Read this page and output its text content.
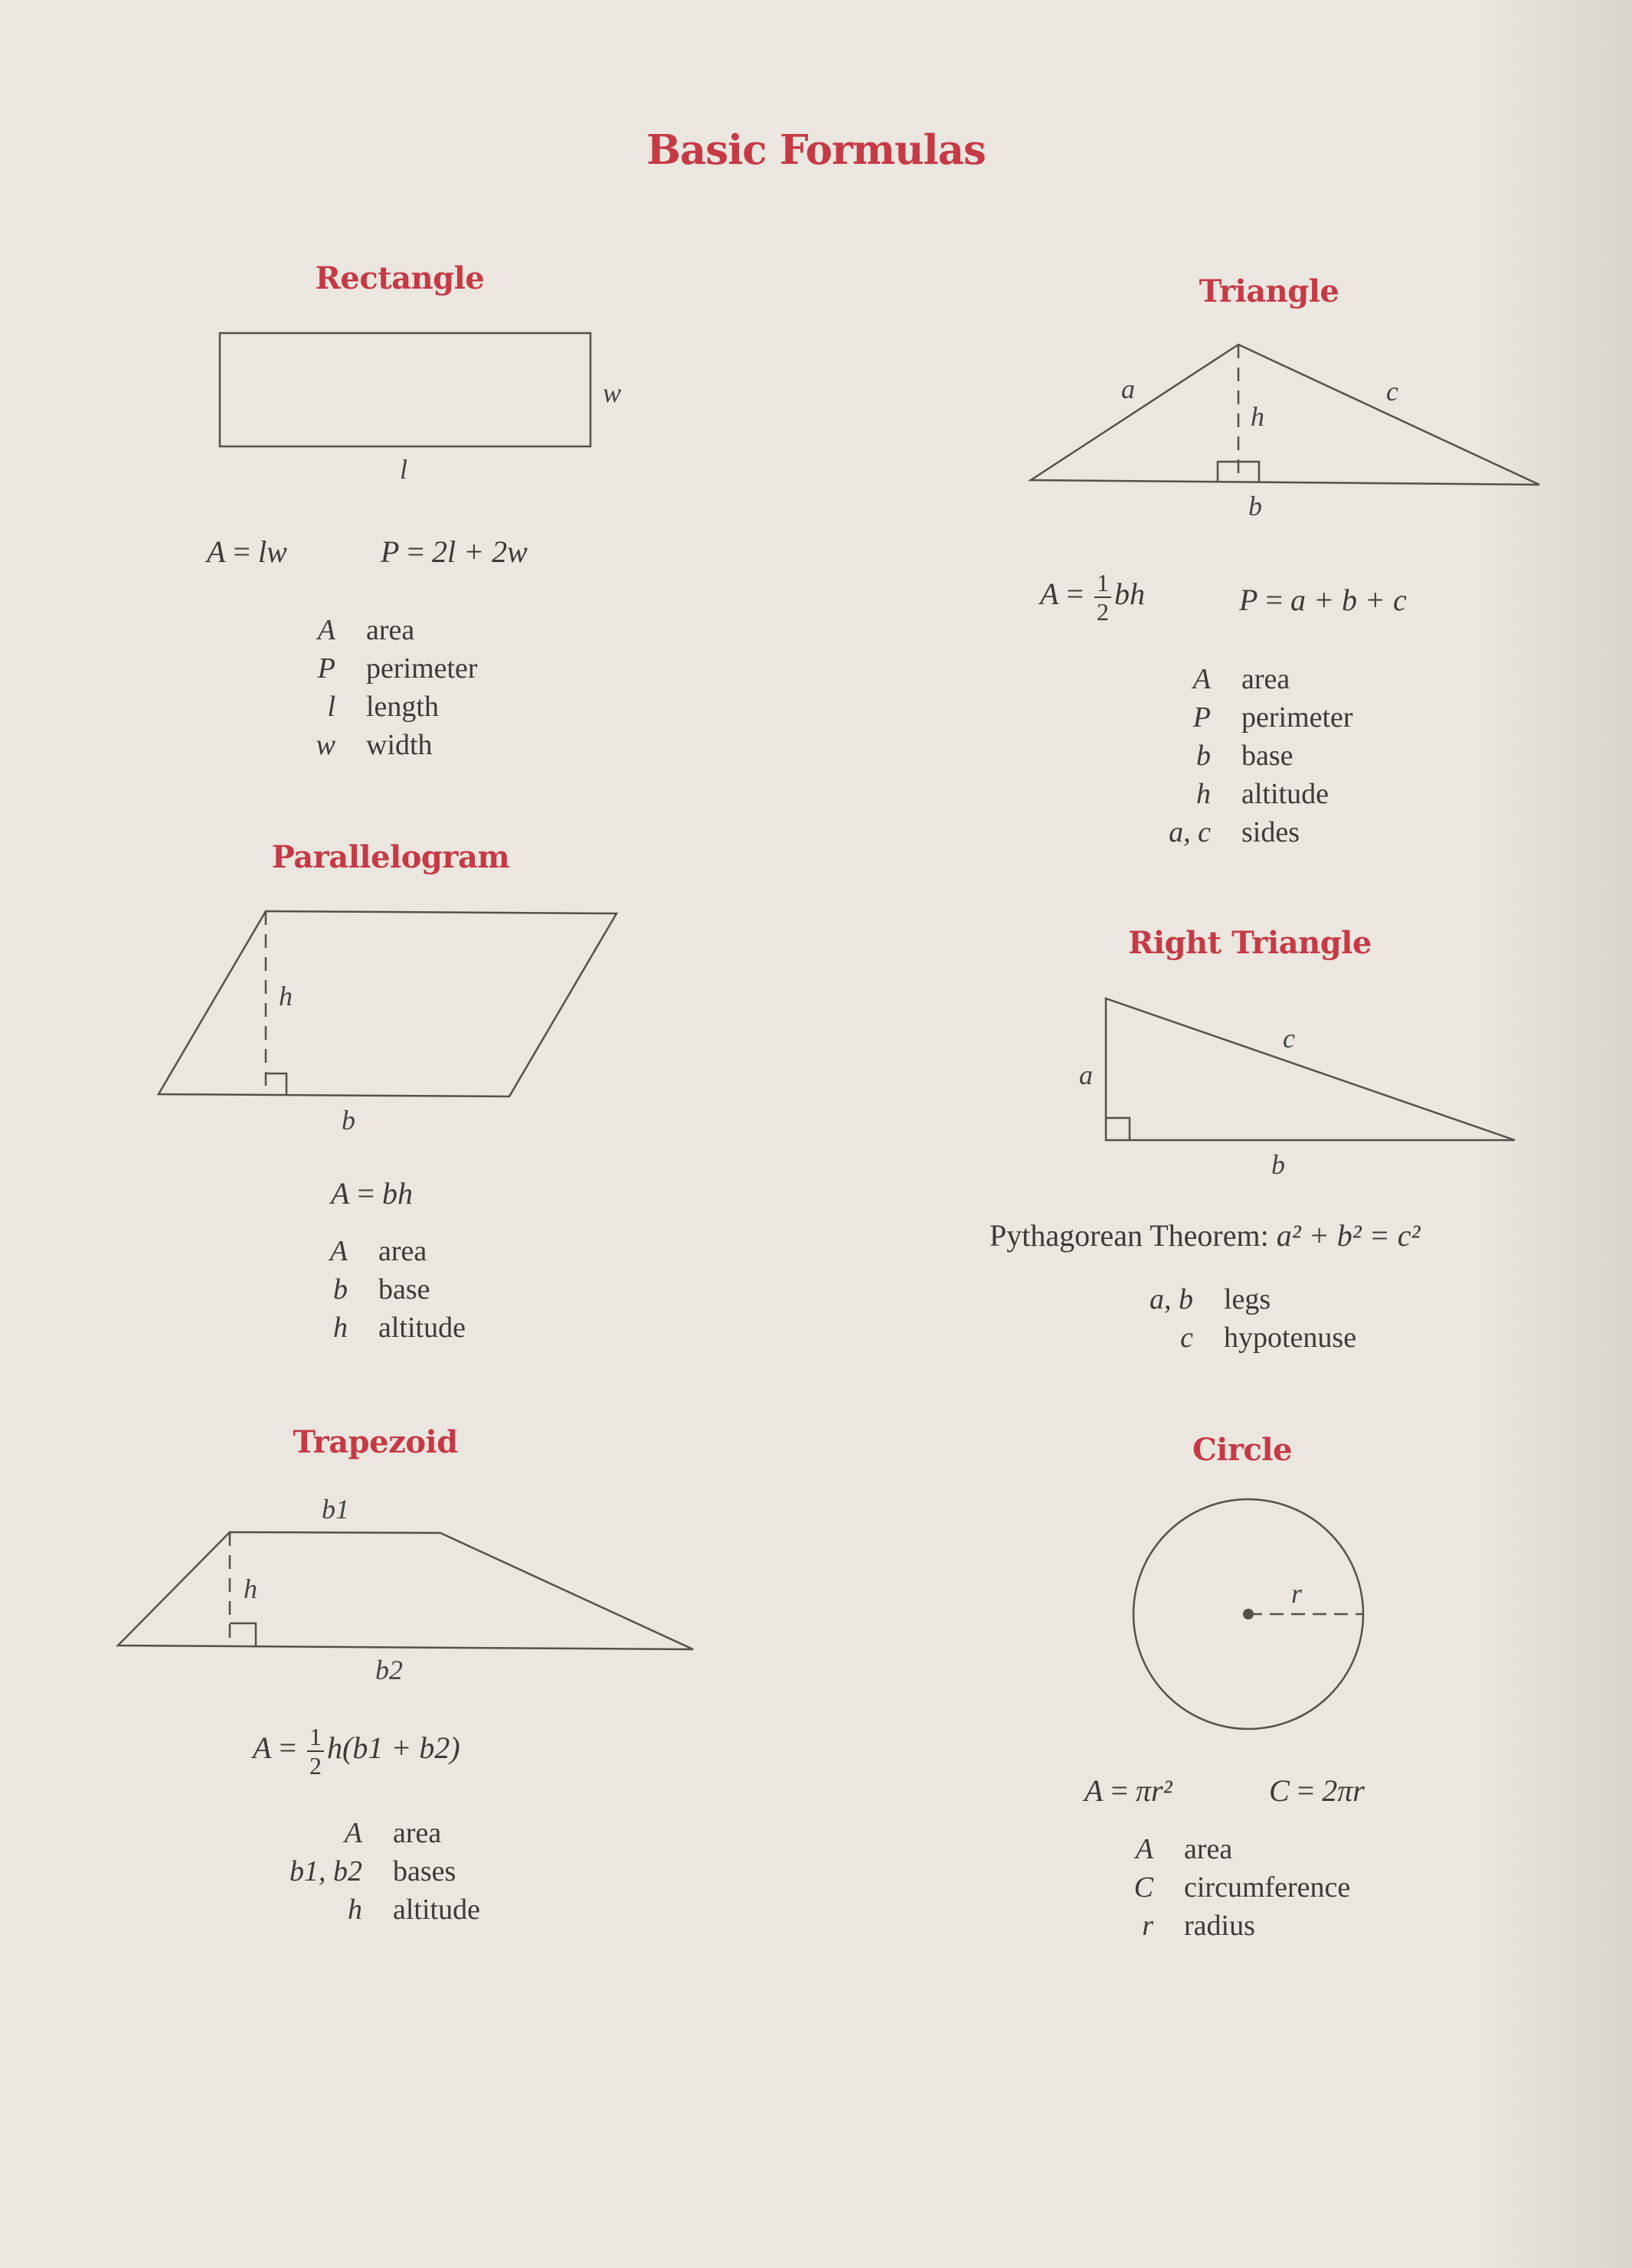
Basic Formulas
Rectangle
w
l
A = lw	P = 2l + 2w
A area
P perimeter
l length
w width
Parallelogram
h
b
A = bh
A area
b base
h altitude
Trapezoid
b1
h
b2
$A = \frac{1}{2} h(b1 + b2)$
A area
b1, b2 bases
h altitude
Triangle
a	c
h
b
$A = \frac{1}{2}$ bh	P = a + b + c
A area
P perimeter
b base
h altitude
a, c sides
Right Triangle
c
a
b
Pythagorean Theorem: a² + b² = c²
a, b legs
c hypotenuse
Circle
r
A = πr²	C = 2πr
A area
C circumference
r radius
